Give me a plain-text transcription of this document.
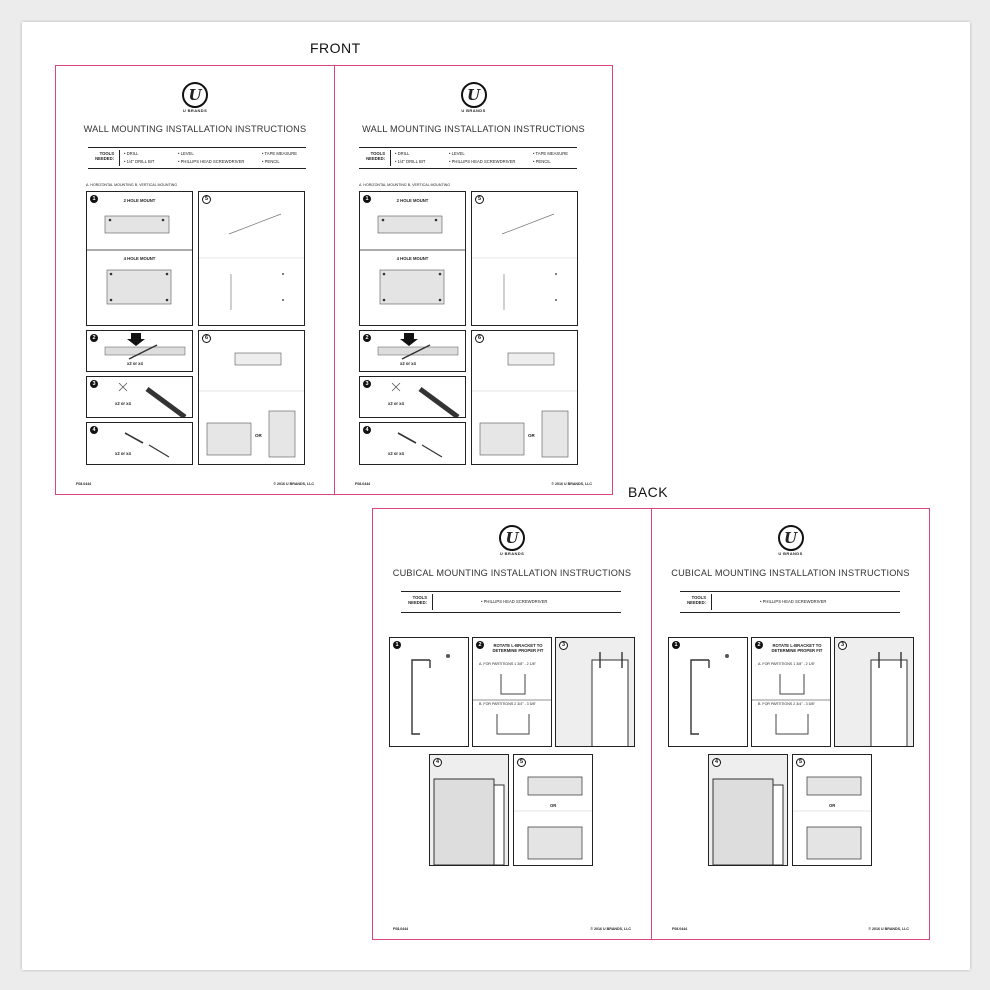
FRONT
BACK
U
U BRANDS
WALL MOUNTING INSTALLATION INSTRUCTIONS
TOOLS NEEDED:
• DRILL
• 1/4" DRILL BIT
• LEVEL
• PHILLIPS HEAD SCREWDRIVER
• TAPE MEASURE
• PENCIL
A. HORIZONTAL MOUNTING B. VERTICAL MOUNTING
1	2 HOLE MOUNT
4 HOLE MOUNT
5
2
x2 or x4
6
OR
3
x2 or x4
4
x2 or x4
F08.0444	© 2016 U BRANDS, LLC
U
U BRANDS
WALL MOUNTING INSTALLATION INSTRUCTIONS
TOOLS NEEDED:
• DRILL
• 1/4" DRILL BIT
• LEVEL
• PHILLIPS HEAD SCREWDRIVER
• TAPE MEASURE
• PENCIL
A. HORIZONTAL MOUNTING B. VERTICAL MOUNTING
1	2 HOLE MOUNT
4 HOLE MOUNT
5
2
x2 or x4
6
OR
3
x2 or x4
4
x2 or x4
F08.0444	© 2016 U BRANDS, LLC
U
U BRANDS
CUBICAL MOUNTING INSTALLATION INSTRUCTIONS
TOOLS NEEDED:	• PHILLIPS HEAD SCREWDRIVER
1	2	ROTATE L-BRACKET TO DETERMINE PROPER FIT
A. FOR PARTITIONS 1 3/8" - 2 1/8"
B. FOR PARTITIONS 2 3/4" - 3 5/8"
3
4	5
OR
F08.0444	© 2016 U BRANDS, LLC
U
U BRANDS
CUBICAL MOUNTING INSTALLATION INSTRUCTIONS
TOOLS NEEDED:	• PHILLIPS HEAD SCREWDRIVER
1	2	ROTATE L-BRACKET TO DETERMINE PROPER FIT
A. FOR PARTITIONS 1 3/8" - 2 1/8"
B. FOR PARTITIONS 2 3/4" - 3 5/8"
3
4	5
OR
F08.0444	© 2016 U BRANDS, LLC
